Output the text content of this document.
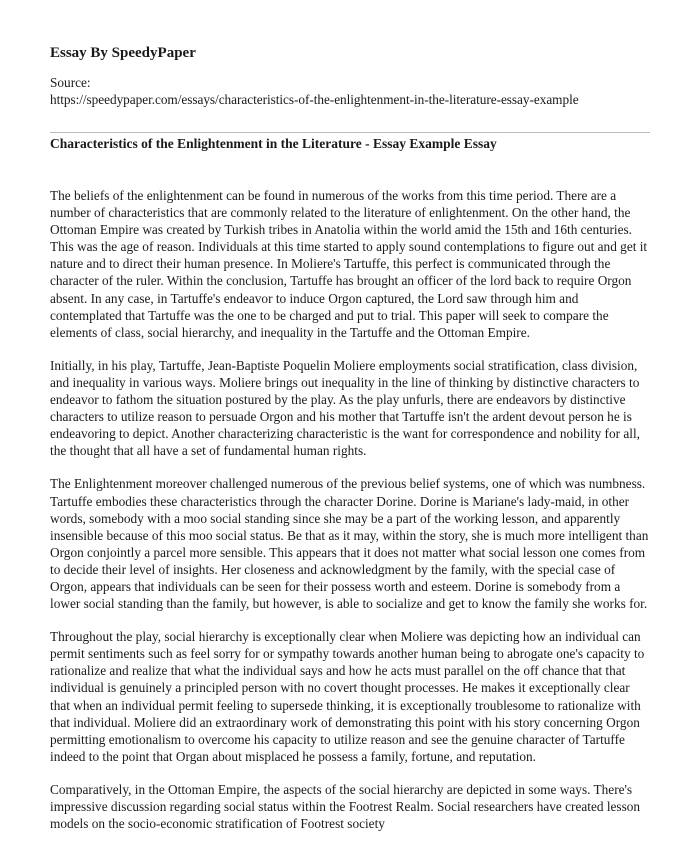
Essay By SpeedyPaper
Source:
https://speedypaper.com/essays/characteristics-of-the-enlightenment-in-the-literature-essay-example
Characteristics of the Enlightenment in the Literature - Essay Example Essay

The beliefs of the enlightenment can be found in numerous of the works from this time period. There are a number of characteristics that are commonly related to the literature of enlightenment. On the other hand, the Ottoman Empire was created by Turkish tribes in Anatolia within the world amid the 15th and 16th centuries. This was the age of reason. Individuals at this time started to apply sound contemplations to figure out and get it nature and to direct their human presence. In Moliere's Tartuffe, this perfect is communicated through the character of the ruler. Within the conclusion, Tartuffe has brought an officer of the lord back to require Orgon absent. In any case, in Tartuffe's endeavor to induce Orgon captured, the Lord saw through him and contemplated that Tartuffe was the one to be charged and put to trial. This paper will seek to compare the elements of class, social hierarchy, and inequality in the Tartuffe and the Ottoman Empire.

Initially, in his play, Tartuffe, Jean-Baptiste Poquelin Moliere employments social stratification, class division, and inequality in various ways. Moliere brings out inequality in the line of thinking by distinctive characters to endeavor to fathom the situation postured by the play. As the play unfurls, there are endeavors by distinctive characters to utilize reason to persuade Orgon and his mother that Tartuffe isn't the ardent devout person he is endeavoring to depict. Another characterizing characteristic is the want for correspondence and nobility for all, the thought that all have a set of fundamental human rights.

The Enlightenment moreover challenged numerous of the previous belief systems, one of which was numbness. Tartuffe embodies these characteristics through the character Dorine. Dorine is Mariane's lady-maid, in other words, somebody with a moo social standing since she may be a part of the working lesson, and apparently insensible because of this moo social status. Be that as it may, within the story, she is much more intelligent than Orgon conjointly a parcel more sensible. This appears that it does not matter what social lesson one comes from to decide their level of insights. Her closeness and acknowledgment by the family, with the special case of Orgon, appears that individuals can be seen for their possess worth and esteem. Dorine is somebody from a lower social standing than the family, but however, is able to socialize and get to know the family she works for.

Throughout the play, social hierarchy is exceptionally clear when Moliere was depicting how an individual can permit sentiments such as feel sorry for or sympathy towards another human being to abrogate one's capacity to rationalize and realize that what the individual says and how he acts must parallel on the off chance that that individual is genuinely a principled person with no covert thought processes. He makes it exceptionally clear that when an individual permit feeling to supersede thinking, it is exceptionally troublesome to rationalize with that individual. Moliere did an extraordinary work of demonstrating this point with his story concerning Orgon permitting emotionalism to overcome his capacity to utilize reason and see the genuine character of Tartuffe indeed to the point that Organ about misplaced he possess a family, fortune, and reputation.

Comparatively, in the Ottoman Empire, the aspects of the social hierarchy are depicted in some ways. There's impressive discussion regarding social status within the Footrest Realm. Social researchers have created lesson models on the socio-economic stratification of Footrest society
